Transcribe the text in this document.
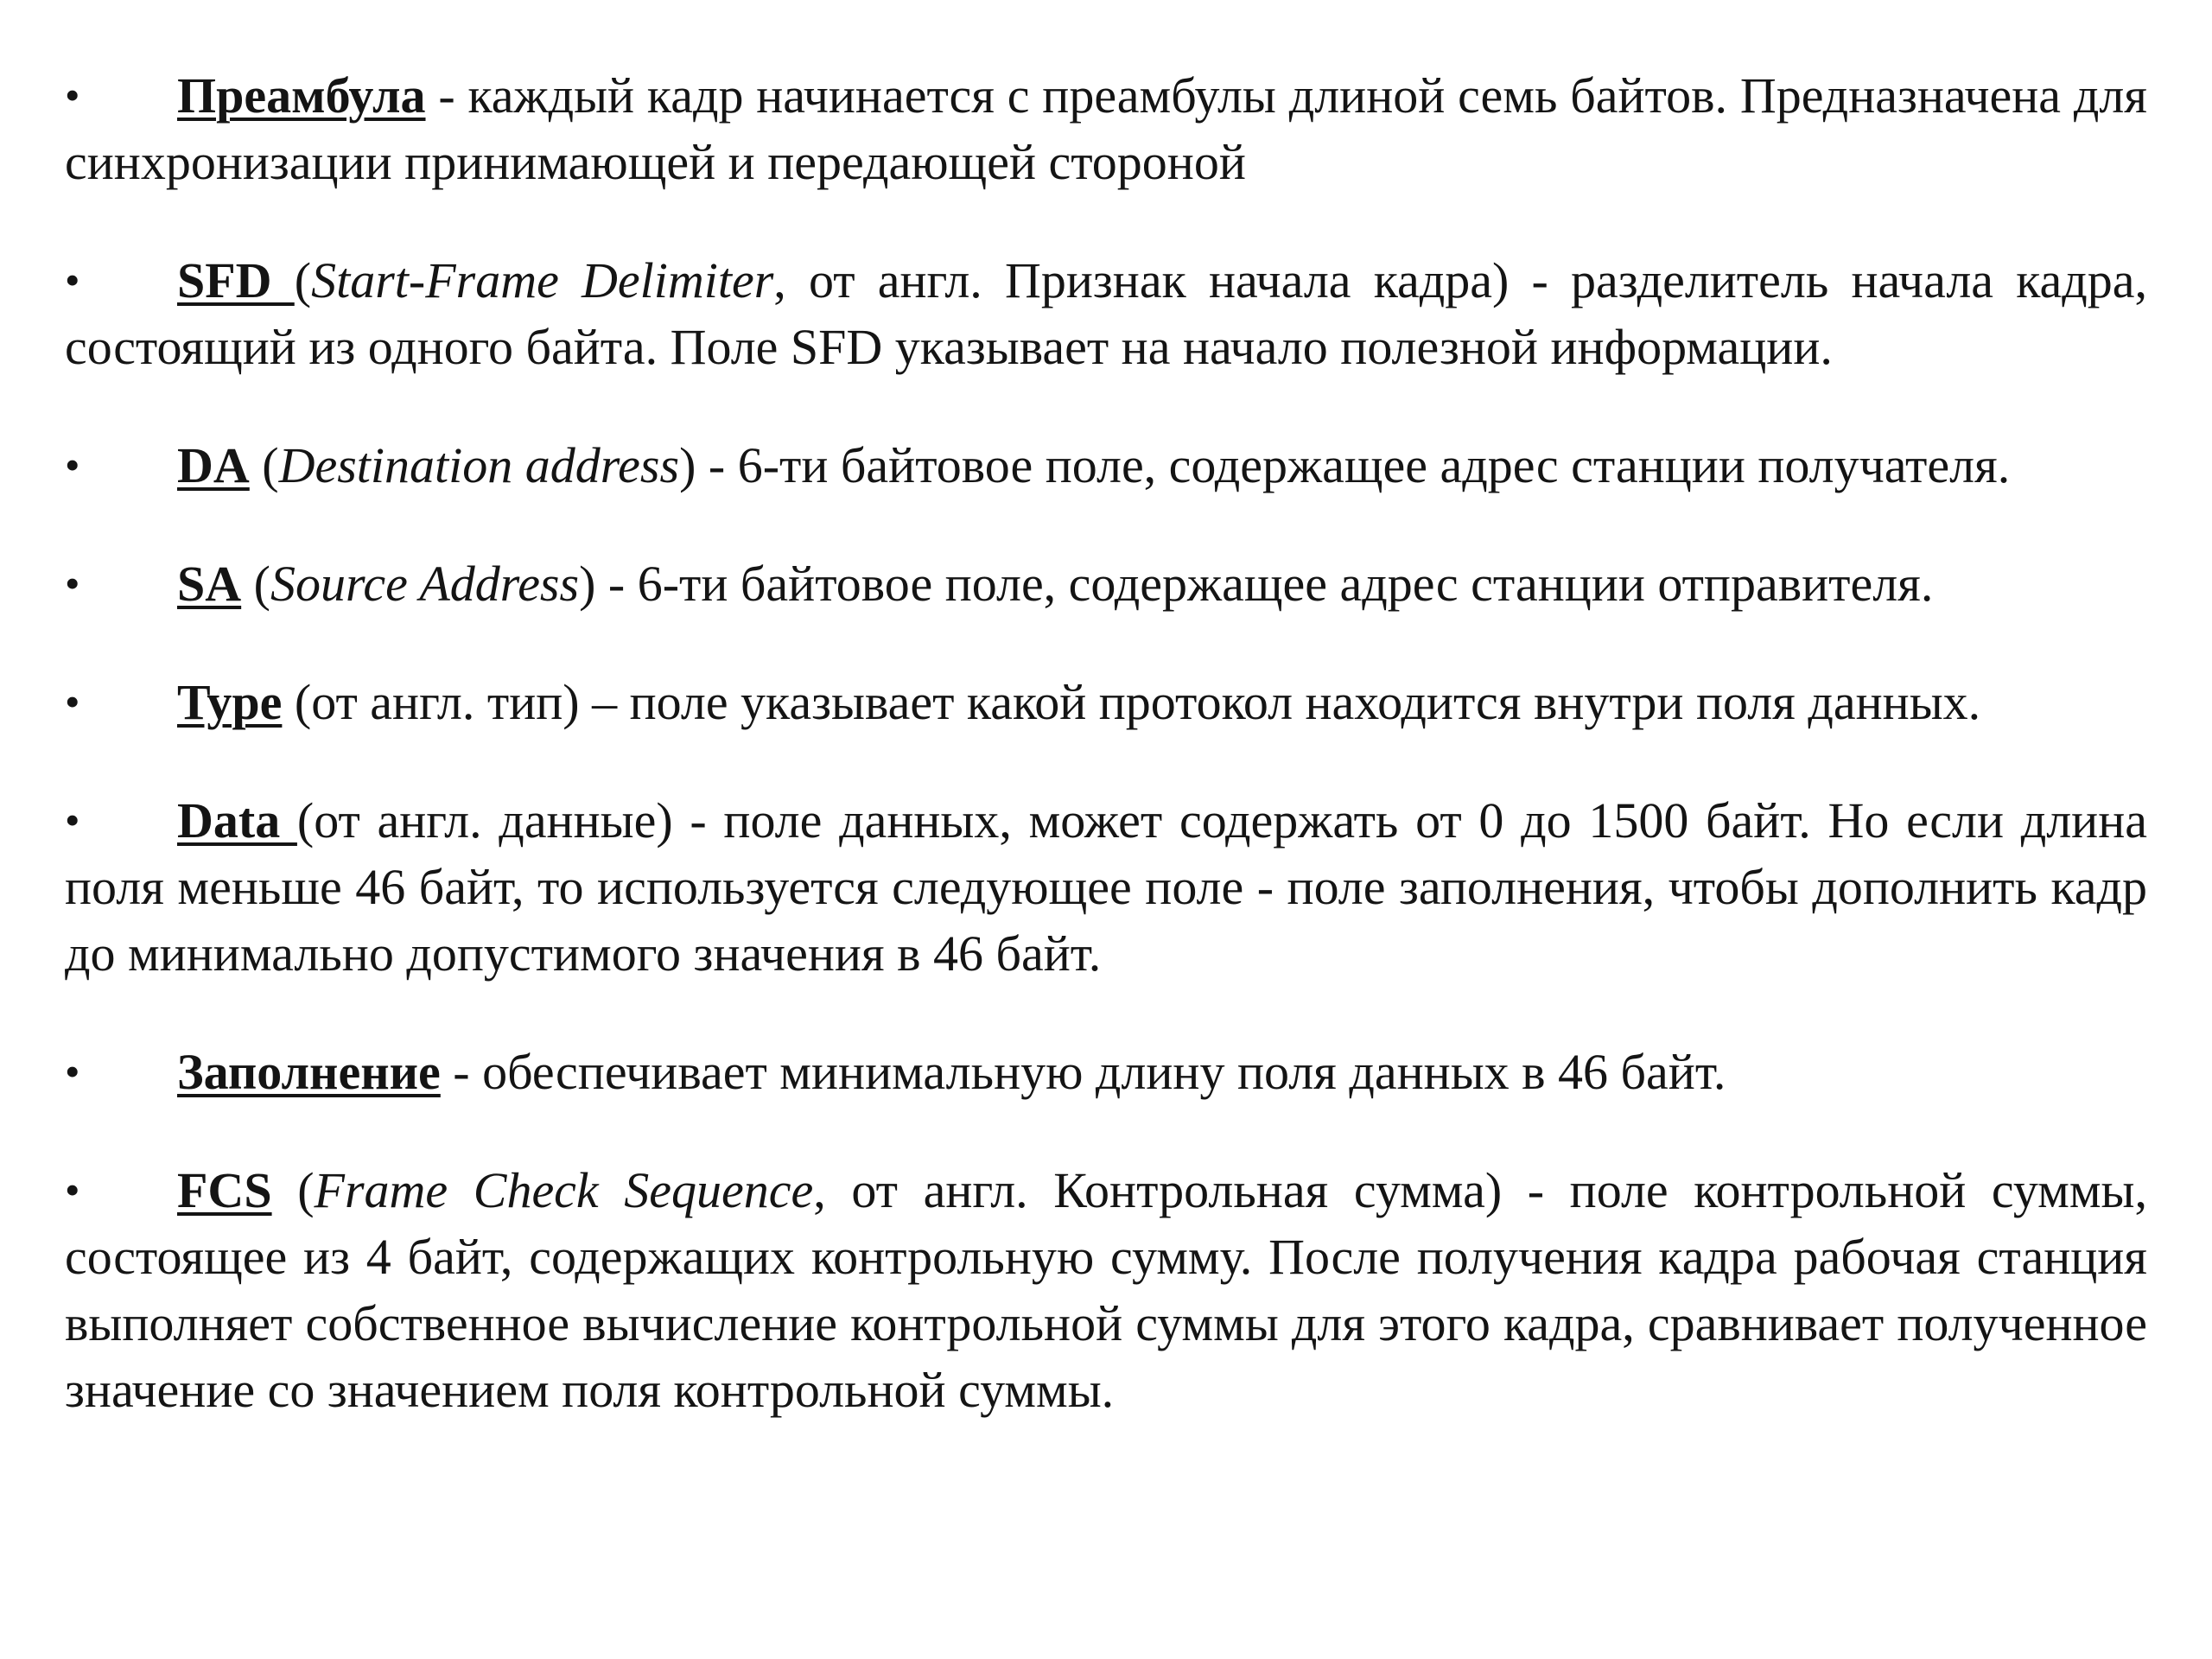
• Преамбула - каждый кадр начинается с преамбулы длиной семь байтов. Предназначена для синхронизации принимающей и передающей стороной

• SFD (Start-Frame Delimiter, от англ. Признак начала кадра) - разделитель начала кадра, состоящий из одного байта. Поле SFD указывает на начало полезной информации.

• DA (Destination address) - 6-ти байтовое поле, содержащее адрес станции получателя.

• SA (Source Address) - 6-ти байтовое поле, содержащее адрес станции отправителя.

• Type (от англ. тип) – поле указывает какой протокол находится внутри поля данных.

• Data (от англ. данные) - поле данных, может содержать от 0 до 1500 байт. Но если длина поля меньше 46 байт, то используется следующее поле - поле заполнения, чтобы дополнить кадр до минимально допустимого значения в 46 байт.

• Заполнение - обеспечивает минимальную длину поля данных в 46 байт.

• FCS (Frame Check Sequence, от англ. Контрольная сумма) - поле контрольной суммы, состоящее из 4 байт, содержащих контрольную сумму. После получения кадра рабочая станция выполняет собственное вычисление контрольной суммы для этого кадра, сравнивает полученное значение со значением поля контрольной суммы.
